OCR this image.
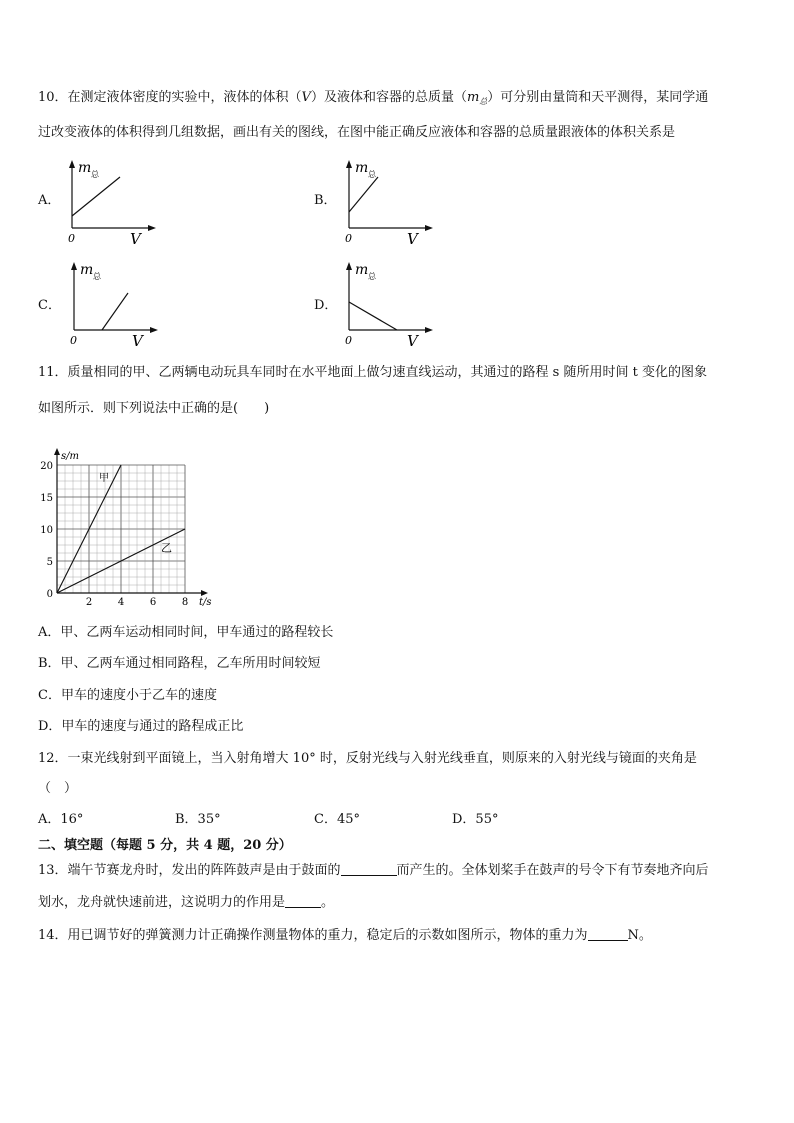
10．在测定液体密度的实验中，液体的体积（V）及液体和容器的总质量$(m_总)$可分别由量筒和天平测得，某同学通
过改变液体的体积得到几组数据，画出有关的图线，在图中能正确反应液体和容器的总质量跟液体的体积关系是
A．	B．
C．	D．
m 总
V
0
m 总
V
0
m 总
V
0
m 总
V
0
11．质量相同的甲、乙两辆电动玩具车同时在水平地面上做匀速直线运动，其通过的路程 s 随所用时间 t 变化的图象
如图所示．则下列说法中正确的是(　　)
2	4	6	8
5
10
15
20
0
s/m
t/s
甲
乙
A．甲、乙两车运动相同时间，甲车通过的路程较长
B．甲、乙两车通过相同路程，乙车所用时间较短
C．甲车的速度小于乙车的速度
D．甲车的速度与通过的路程成正比
12．一束光线射到平面镜上，当入射角增大 10° 时，反射光线与入射光线垂直，则原来的入射光线与镜面的夹角是
（　）
A．16°	B．35°	C．45°	D．55°
二、填空题（每题 5 分，共 4 题，20 分）
13．端午节赛龙舟时，发出的阵阵鼓声是由于鼓面的	而产生的。全体划桨手在鼓声的号令下有节奏地齐向后
划水，龙舟就快速前进，这说明力的作用是	。
14．用已调节好的弹簧测力计正确操作测量物体的重力，稳定后的示数如图所示，物体的重力为	N。
